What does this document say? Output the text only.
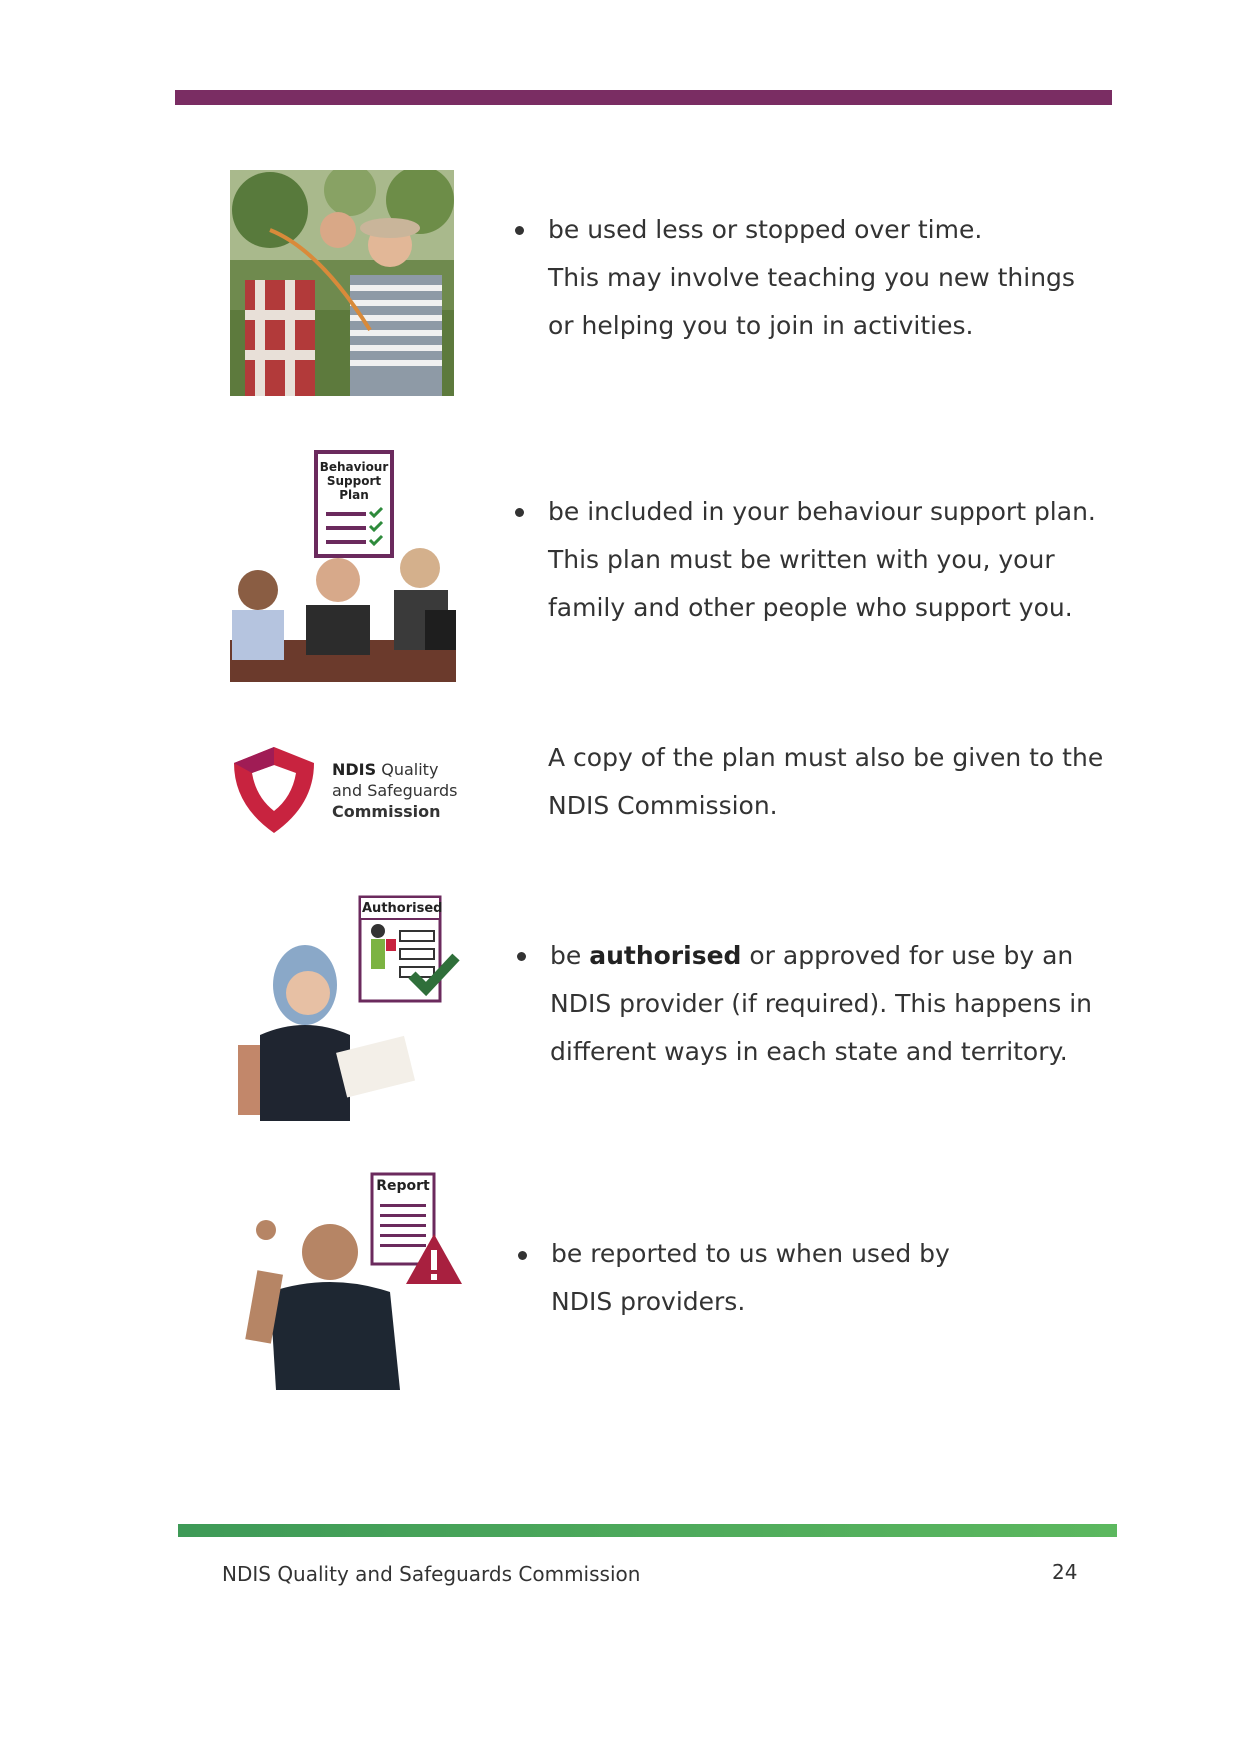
be used less or stopped over time.
This may involve teaching you new things
or helping you to join in activities.
Behaviour
Support
Plan
be included in your behaviour support plan.
This plan must be written with you, your
family and other people who support you.
NDIS Quality
and Safeguards
Commission
A copy of the plan must also be given to the
NDIS Commission.
Authorised
be authorised or approved for use by an
NDIS provider (if required). This happens in
different ways in each state and territory.
Report
be reported to us when used by
NDIS providers.
NDIS Quality and Safeguards Commission	24
